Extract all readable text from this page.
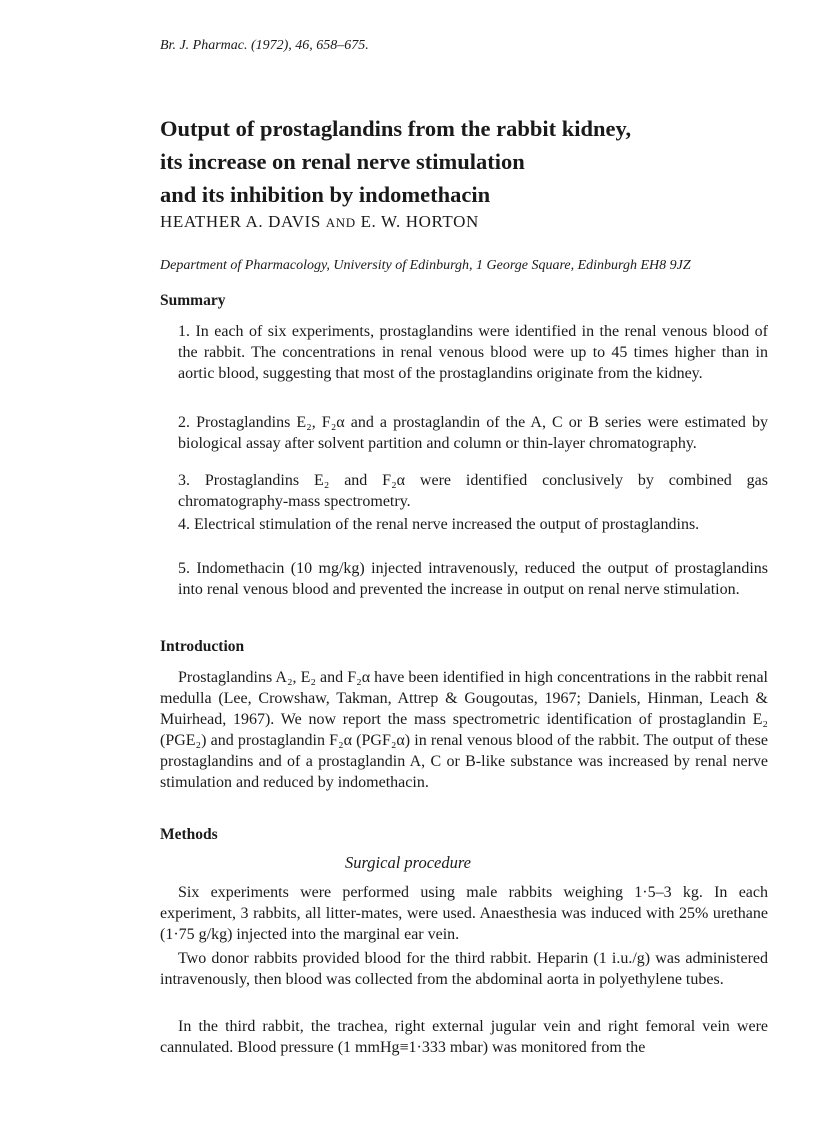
Br. J. Pharmac. (1972), 46, 658–675.
Output of prostaglandins from the rabbit kidney,
its increase on renal nerve stimulation
and its inhibition by indomethacin
HEATHER A. DAVIS AND E. W. HORTON
Department of Pharmacology, University of Edinburgh, 1 George Square, Edinburgh EH8 9JZ
Summary
1. In each of six experiments, prostaglandins were identified in the renal venous blood of the rabbit. The concentrations in renal venous blood were up to 45 times higher than in aortic blood, suggesting that most of the prostaglandins originate from the kidney.
2. Prostaglandins E₂, F₂α and a prostaglandin of the A, C or B series were estimated by biological assay after solvent partition and column or thin-layer chromatography.
3. Prostaglandins E₂ and F₂α were identified conclusively by combined gas chromatography-mass spectrometry.
4. Electrical stimulation of the renal nerve increased the output of prostaglandins.
5. Indomethacin (10 mg/kg) injected intravenously, reduced the output of prostaglandins into renal venous blood and prevented the increase in output on renal nerve stimulation.
Introduction
Prostaglandins A₂, E₂ and F₂α have been identified in high concentrations in the rabbit renal medulla (Lee, Crowshaw, Takman, Attrep & Gougoutas, 1967; Daniels, Hinman, Leach & Muirhead, 1967). We now report the mass spectrometric identification of prostaglandin E₂ (PGE₂) and prostaglandin F₂α (PGF₂α) in renal venous blood of the rabbit. The output of these prostaglandins and of a prostaglandin A, C or B-like substance was increased by renal nerve stimulation and reduced by indomethacin.
Methods
Surgical procedure
Six experiments were performed using male rabbits weighing 1·5–3 kg. In each experiment, 3 rabbits, all litter-mates, were used. Anaesthesia was induced with 25% urethane (1·75 g/kg) injected into the marginal ear vein.
Two donor rabbits provided blood for the third rabbit. Heparin (1 i.u./g) was administered intravenously, then blood was collected from the abdominal aorta in polyethylene tubes.
In the third rabbit, the trachea, right external jugular vein and right femoral vein were cannulated. Blood pressure (1 mmHg≡1·333 mbar) was monitored from the
